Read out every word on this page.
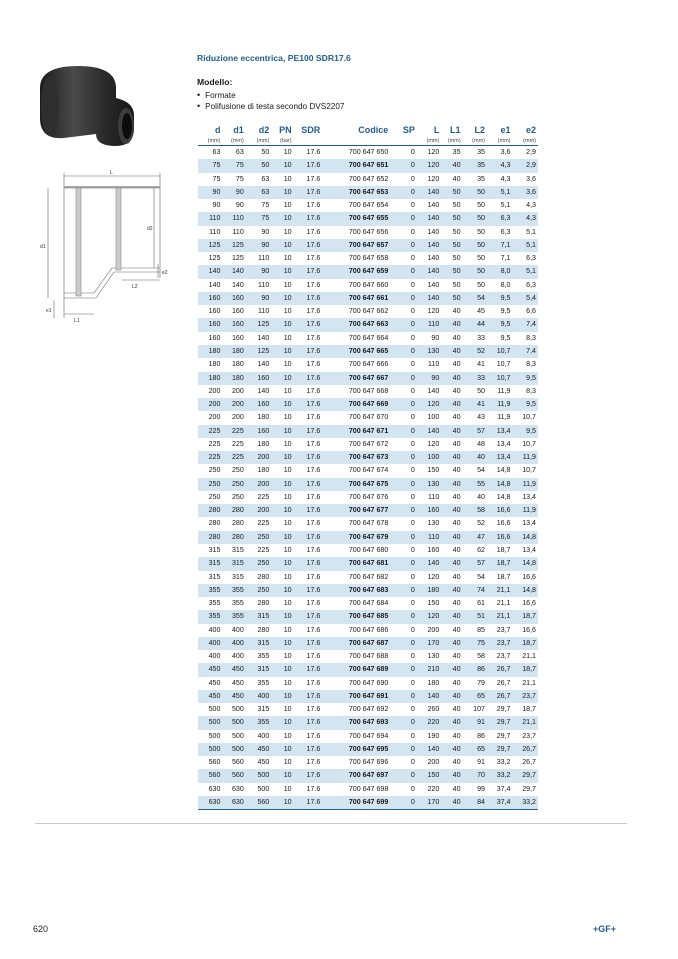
L
d1
d2
e2
L2
e1
L1
Riduzione eccentrica, PE100 SDR17.6
Modello:
• Formate
• Polifusione di testa secondo DVS2207
d	d1	d2	PN	SDR	Codice	SP	L	L1	L2	e1	e2
(mm)	(mm)	(mm)	(bar)				(mm)	(mm)	(mm)	(mm)	(mm)
63	63	50	10	17.6	700 647 650	0	120	35	35	3,6	2,9
75	75	50	10	17.6	700 647 651	0	120	40	35	4,3	2,9
75	75	63	10	17.6	700 647 652	0	120	40	35	4,3	3,6
90	90	63	10	17.6	700 647 653	0	140	50	50	5,1	3,6
90	90	75	10	17.6	700 647 654	0	140	50	50	5,1	4,3
110	110	75	10	17.6	700 647 655	0	140	50	50	6,3	4,3
110	110	90	10	17.6	700 647 656	0	140	50	50	6,3	5,1
125	125	90	10	17.6	700 647 657	0	140	50	50	7,1	5,1
125	125	110	10	17.6	700 647 658	0	140	50	50	7,1	6,3
140	140	90	10	17.6	700 647 659	0	140	50	50	8,0	5,1
140	140	110	10	17.6	700 647 660	0	140	50	50	8,0	6,3
160	160	90	10	17.6	700 647 661	0	140	50	54	9,5	5,4
160	160	110	10	17.6	700 647 662	0	120	40	45	9,5	6,6
160	160	125	10	17.6	700 647 663	0	110	40	44	9,5	7,4
160	160	140	10	17.6	700 647 664	0	90	40	33	9,5	8,3
180	180	125	10	17.6	700 647 665	0	130	40	52	10,7	7,4
180	180	140	10	17.6	700 647 666	0	110	40	41	10,7	8,3
180	180	160	10	17.6	700 647 667	0	90	40	33	10,7	9,5
200	200	140	10	17.6	700 647 668	0	140	40	50	11,9	8,3
200	200	160	10	17.6	700 647 669	0	120	40	41	11,9	9,5
200	200	180	10	17.6	700 647 670	0	100	40	43	11,9	10,7
225	225	160	10	17.6	700 647 671	0	140	40	57	13,4	9,5
225	225	180	10	17.6	700 647 672	0	120	40	48	13,4	10,7
225	225	200	10	17.6	700 647 673	0	100	40	40	13,4	11,9
250	250	180	10	17.6	700 647 674	0	150	40	54	14,8	10,7
250	250	200	10	17.6	700 647 675	0	130	40	55	14,8	11,9
250	250	225	10	17.6	700 647 676	0	110	40	40	14,8	13,4
280	280	200	10	17.6	700 647 677	0	160	40	58	16,6	11,9
280	280	225	10	17.6	700 647 678	0	130	40	52	16,6	13,4
280	280	250	10	17.6	700 647 679	0	110	40	47	16,6	14,8
315	315	225	10	17.6	700 647 680	0	160	40	62	18,7	13,4
315	315	250	10	17.6	700 647 681	0	140	40	57	18,7	14,8
315	315	280	10	17.6	700 647 682	0	120	40	54	18,7	16,6
355	355	250	10	17.6	700 647 683	0	180	40	74	21,1	14,8
355	355	280	10	17.6	700 647 684	0	150	40	61	21,1	16,6
355	355	315	10	17.6	700 647 685	0	120	40	51	21,1	18,7
400	400	280	10	17.6	700 647 686	0	200	40	85	23,7	16,6
400	400	315	10	17.6	700 647 687	0	170	40	75	23,7	18,7
400	400	355	10	17.6	700 647 688	0	130	40	58	23,7	21,1
450	450	315	10	17.6	700 647 689	0	210	40	86	26,7	18,7
450	450	355	10	17.6	700 647 690	0	180	40	79	26,7	21,1
450	450	400	10	17.6	700 647 691	0	140	40	65	26,7	23,7
500	500	315	10	17.6	700 647 692	0	260	40	107	29,7	18,7
500	500	355	10	17.6	700 647 693	0	220	40	91	29,7	21,1
500	500	400	10	17.6	700 647 694	0	190	40	86	29,7	23,7
500	500	450	10	17.6	700 647 695	0	140	40	65	29,7	26,7
560	560	450	10	17.6	700 647 696	0	200	40	91	33,2	26,7
560	560	500	10	17.6	700 647 697	0	150	40	70	33,2	29,7
630	630	500	10	17.6	700 647 698	0	220	40	99	37,4	29,7
630	630	560	10	17.6	700 647 699	0	170	40	84	37,4	33,2
620	+GF+
